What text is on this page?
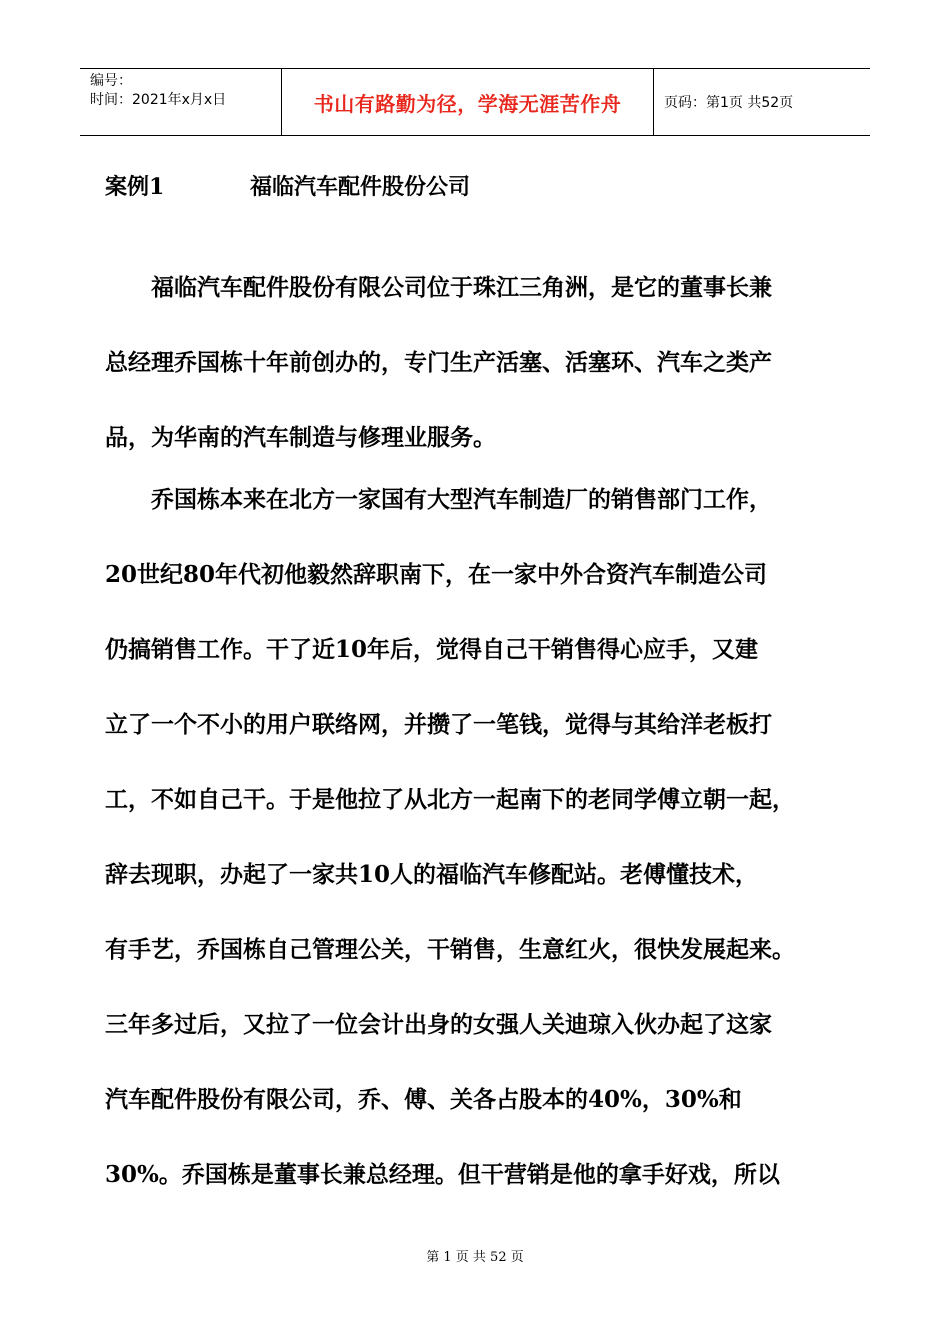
编号：
时间：2021年x月x日	书山有路勤为径，学海无涯苦作舟	页码：第1页 共52页
案例1	福临汽车配件股份公司
　　福临汽车配件股份有限公司位于珠江三角洲，是它的董事长兼
总经理乔国栋十年前创办的，专门生产活塞、活塞环、汽车之类产
品，为华南的汽车制造与修理业服务。
　　乔国栋本来在北方一家国有大型汽车制造厂的销售部门工作，
20世纪80年代初他毅然辞职南下，在一家中外合资汽车制造公司
仍搞销售工作。干了近10年后，觉得自己干销售得心应手，又建
立了一个不小的用户联络网，并攒了一笔钱，觉得与其给洋老板打
工，不如自己干。于是他拉了从北方一起南下的老同学傅立朝一起，
辞去现职，办起了一家共10人的福临汽车修配站。老傅懂技术，
有手艺，乔国栋自己管理公关，干销售，生意红火，很快发展起来。
三年多过后，又拉了一位会计出身的女强人关迪琼入伙办起了这家
汽车配件股份有限公司，乔、傅、关各占股本的40%，30%和
30%。乔国栋是董事长兼总经理。但干营销是他的拿手好戏，所以
第 1 页 共 52 页
